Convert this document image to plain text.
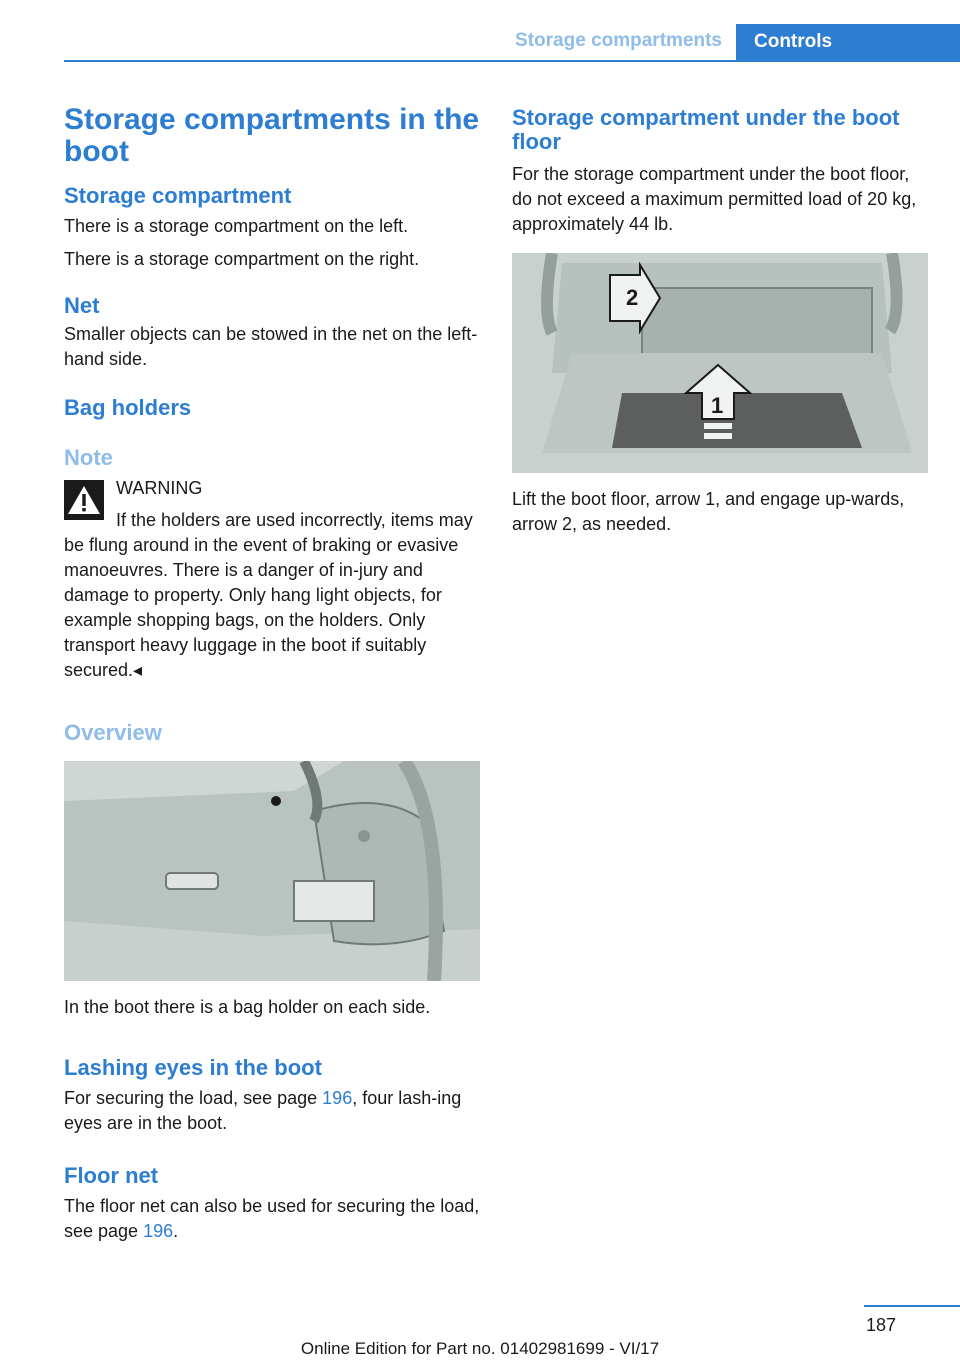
Storage compartments Controls
Storage compartments in the boot
Storage compartment

There is a storage compartment on the left.

There is a storage compartment on the right.

Net

Smaller objects can be stowed in the net on the left-hand side.

Bag holders
Note
WARNING

If the holders are used incorrectly, items may be flung around in the event of braking or evasive manoeuvres. There is a danger of in-jury and damage to property. Only hang light objects, for example shopping bags, on the holders. Only transport heavy luggage in the boot if suitably secured.◂

Overview

In the boot there is a bag holder on each side.

Lashing eyes in the boot

For securing the load, see page 196, four lash-ing eyes are in the boot.

Floor net

The floor net can also be used for securing the load, see page 196.

Storage compartment under the boot floor

For the storage compartment under the boot floor, do not exceed a maximum permitted load of 20 kg, approximately 44 lb.

2
1

Lift the boot floor, arrow 1, and engage up-wards, arrow 2, as needed.

187
Online Edition for Part no. 01402981699 - VI/17
